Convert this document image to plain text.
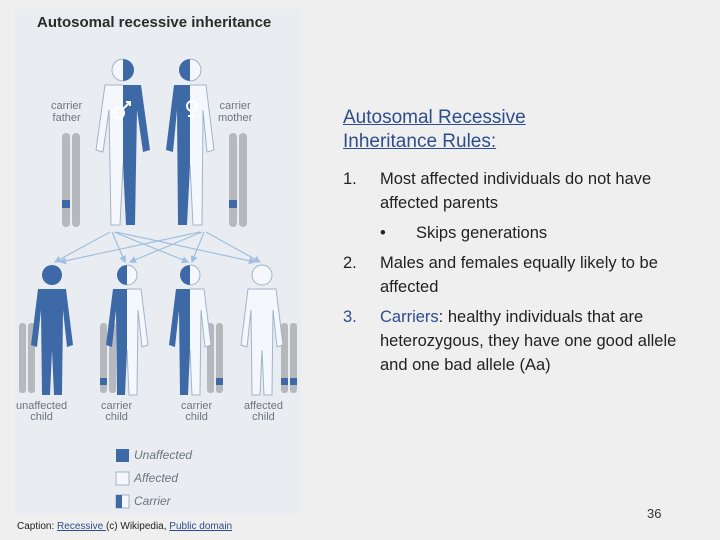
Autosomal recessive inheritance
carrier
father
carrier
mother
unaffected
child
carrier
child
carrier
child
affected
child
Unaffected
Affected
Carrier
Autosomal Recessive Inheritance Rules:
1. Most affected individuals do not have affected parents
• Skips generations
2. Males and females equally likely to be affected
3. Carriers: healthy individuals that are heterozygous, they have one good allele and one bad allele (Aa)
Caption: Recessive (c) Wikipedia, Public domain
36
